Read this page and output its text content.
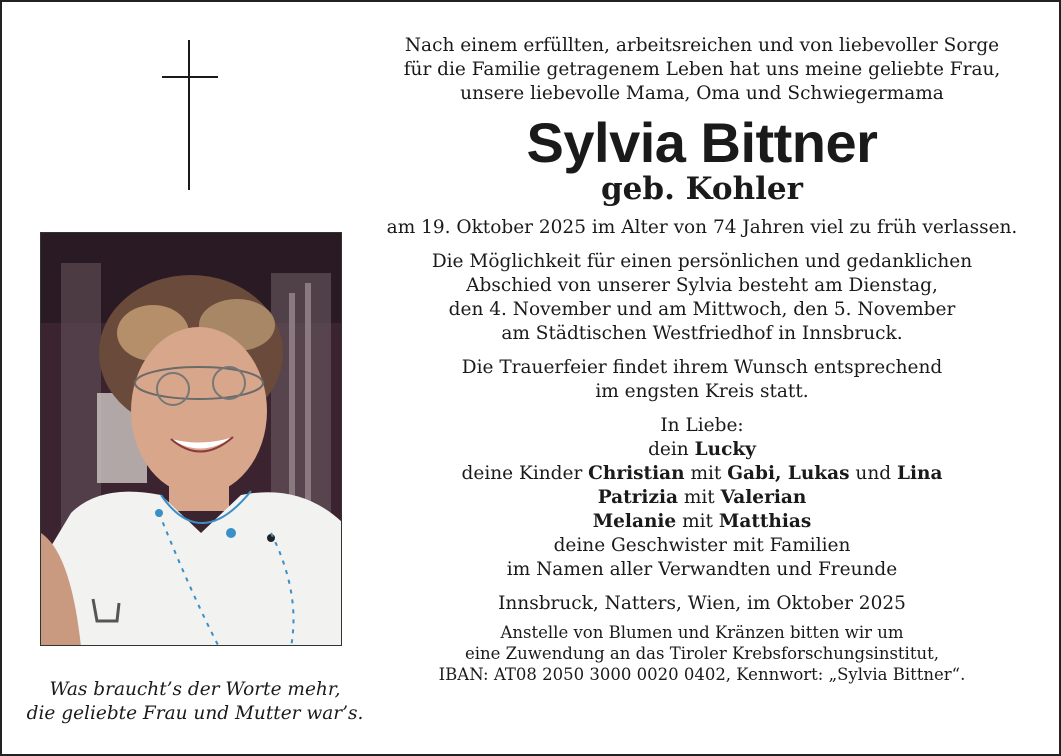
Was braucht’s der Worte mehr,
die geliebte Frau und Mutter war’s.
Nach einem erfüllten, arbeitsreichen und von liebevoller Sorge
für die Familie getragenem Leben hat uns meine geliebte Frau,
unsere liebevolle Mama, Oma und Schwiegermama
Sylvia Bittner
geb. Kohler
am 19. Oktober 2025 im Alter von 74 Jahren viel zu früh verlassen.
Die Möglichkeit für einen persönlichen und gedanklichen
Abschied von unserer Sylvia besteht am Dienstag,
den 4. November und am Mittwoch, den 5. November
am Städtischen Westfriedhof in Innsbruck.
Die Trauerfeier findet ihrem Wunsch entsprechend
im engsten Kreis statt.
In Liebe:
dein Lucky
deine Kinder Christian mit Gabi, Lukas und Lina
Patrizia mit Valerian
Melanie mit Matthias
deine Geschwister mit Familien
im Namen aller Verwandten und Freunde
Innsbruck, Natters, Wien, im Oktober 2025
Anstelle von Blumen und Kränzen bitten wir um
eine Zuwendung an das Tiroler Krebsforschungsinstitut,
IBAN: AT08 2050 3000 0020 0402, Kennwort: „Sylvia Bittner“.
